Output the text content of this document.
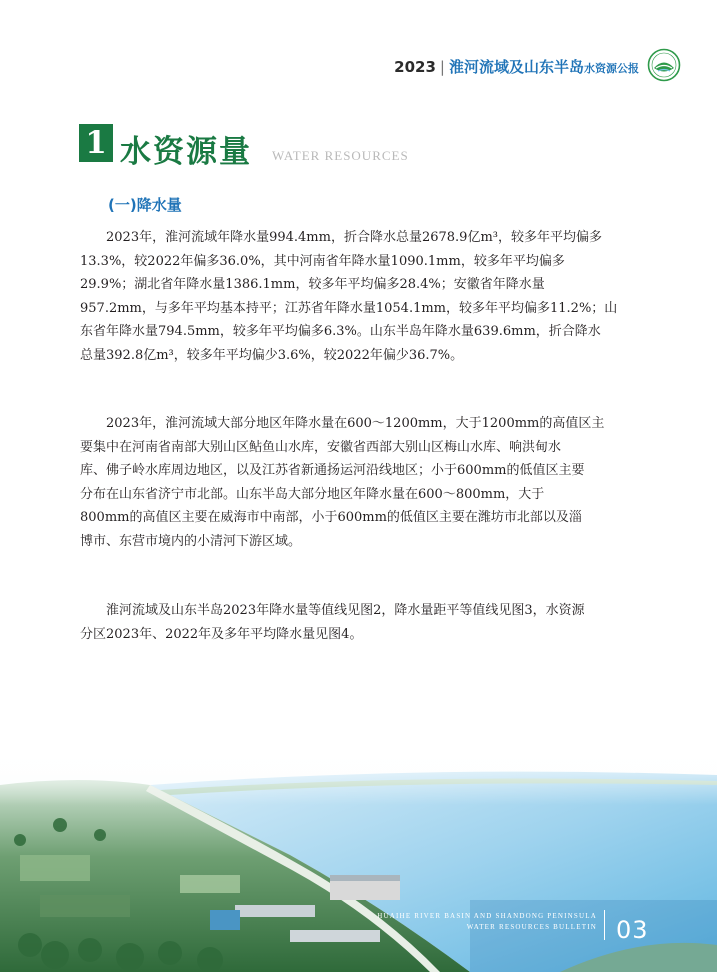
2023 | 淮河流域及山东半岛 水资源公报
1 水资源量 WATER RESOURCES
(一)降水量
2023年，淮河流域年降水量994.4mm，折合降水总量2678.9亿m³，较多年平均偏多
13.3%，较2022年偏多36.0%，其中河南省年降水量1090.1mm，较多年平均偏多
29.9%；湖北省年降水量1386.1mm，较多年平均偏多28.4%；安徽省年降水量
957.2mm，与多年平均基本持平；江苏省年降水量1054.1mm，较多年平均偏多11.2%；山
东省年降水量794.5mm，较多年平均偏多6.3%。山东半岛年降水量639.6mm，折合降水
总量392.8亿m³，较多年平均偏少3.6%，较2022年偏少36.7%。
2023年，淮河流域大部分地区年降水量在600～1200mm，大于1200mm的高值区主
要集中在河南省南部大别山区鲇鱼山水库，安徽省西部大别山区梅山水库、响洪甸水
库、佛子岭水库周边地区，以及江苏省新通扬运河沿线地区；小于600mm的低值区主要
分布在山东省济宁市北部。山东半岛大部分地区年降水量在600～800mm，大于
800mm的高值区主要在威海市中南部，小于600mm的低值区主要在潍坊市北部以及淄
博市、东营市境内的小清河下游区域。
淮河流域及山东半岛2023年降水量等值线见图2，降水量距平等值线见图3，水资源
分区2023年、2022年及多年平均降水量见图4。
HUAIHE RIVER BASIN AND SHANDONG PENINSULA
WATER RESOURCES BULLETIN 03
